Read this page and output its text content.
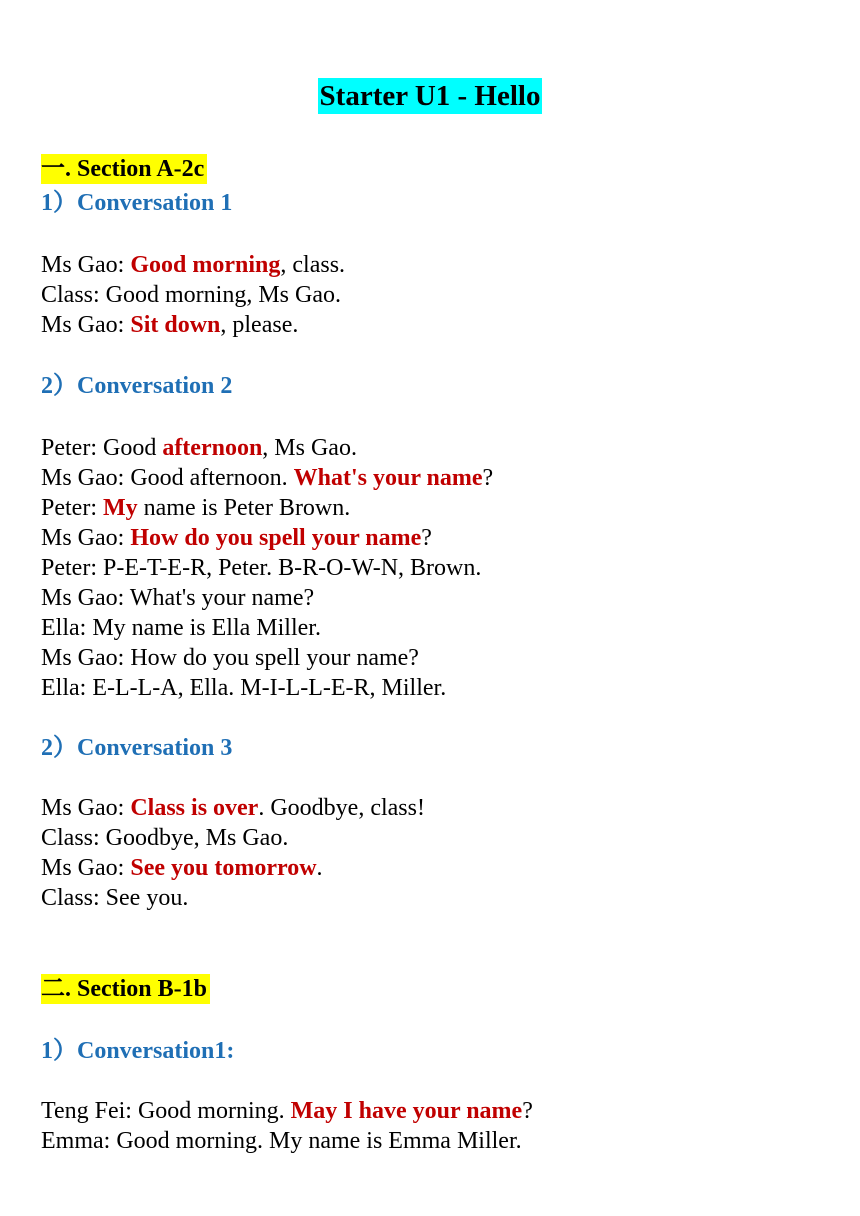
Starter U1 - Hello
一. Section A-2c
1）Conversation 1
Ms Gao: Good morning, class.
Class: Good morning, Ms Gao.
Ms Gao: Sit down, please.
2）Conversation 2
Peter: Good afternoon, Ms Gao.
Ms Gao: Good afternoon. What's your name?
Peter: My name is Peter Brown.
Ms Gao: How do you spell your name?
Peter: P-E-T-E-R, Peter. B-R-O-W-N, Brown.
Ms Gao: What's your name?
Ella: My name is Ella Miller.
Ms Gao: How do you spell your name?
Ella: E-L-L-A, Ella. M-I-L-L-E-R, Miller.
2）Conversation 3
Ms Gao: Class is over. Goodbye, class!
Class: Goodbye, Ms Gao.
Ms Gao: See you tomorrow.
Class: See you.
二. Section B-1b
1）Conversation1:
Teng Fei: Good morning. May I have your name?
Emma: Good morning. My name is Emma Miller.
